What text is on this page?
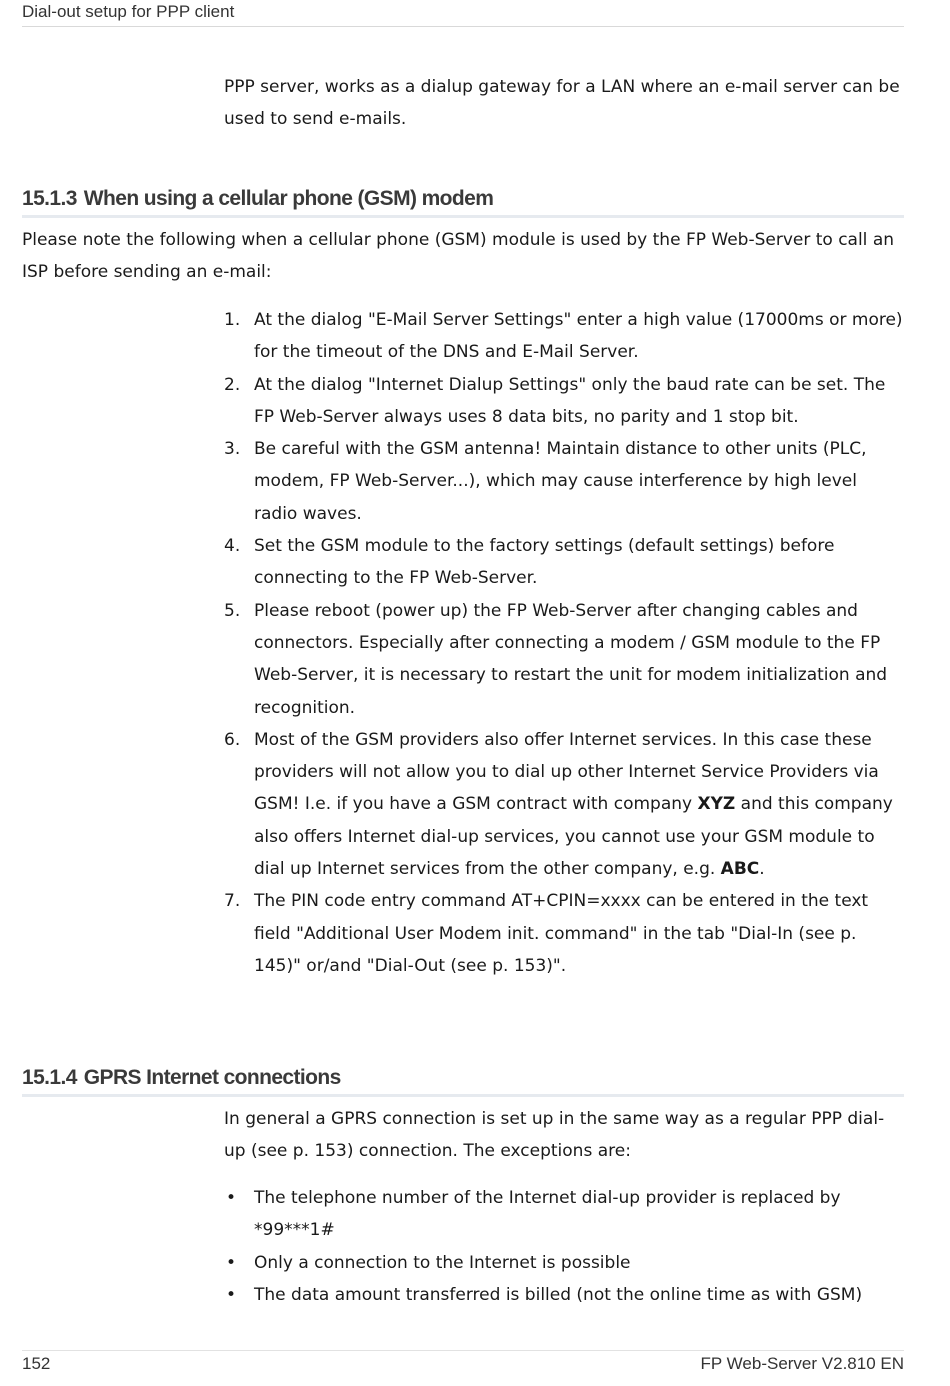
Dial-out setup for PPP client

PPP server, works as a dialup gateway for a LAN where an e-mail server can be used to send e-mails.

15.1.3 When using a cellular phone (GSM) modem

Please note the following when a cellular phone (GSM) module is used by the FP Web-Server to call an ISP before sending an e-mail:

1. At the dialog "E-Mail Server Settings" enter a high value (17000ms or more) for the timeout of the DNS and E-Mail Server.
2. At the dialog "Internet Dialup Settings" only the baud rate can be set. The FP Web-Server always uses 8 data bits, no parity and 1 stop bit.
3. Be careful with the GSM antenna! Maintain distance to other units (PLC, modem, FP Web-Server...), which may cause interference by high level radio waves.
4. Set the GSM module to the factory settings (default settings) before connecting to the FP Web-Server.
5. Please reboot (power up) the FP Web-Server after changing cables and connectors. Especially after connecting a modem / GSM module to the FP Web-Server, it is necessary to restart the unit for modem initialization and recognition.
6. Most of the GSM providers also offer Internet services. In this case these providers will not allow you to dial up other Internet Service Providers via GSM! I.e. if you have a GSM contract with company XYZ and this company also offers Internet dial-up services, you cannot use your GSM module to dial up Internet services from the other company, e.g. ABC.
7. The PIN code entry command AT+CPIN=xxxx can be entered in the text field "Additional User Modem init. command" in the tab "Dial-In (see p. 145)" or/and "Dial-Out (see p. 153)".
15.1.4 GPRS Internet connections

In general a GPRS connection is set up in the same way as a regular PPP dial-up (see p. 153) connection. The exceptions are:

• The telephone number of the Internet dial-up provider is replaced by *99***1#
• Only a connection to the Internet is possible
• The data amount transferred is billed (not the online time as with GSM)
152	FP Web-Server V2.810 EN
